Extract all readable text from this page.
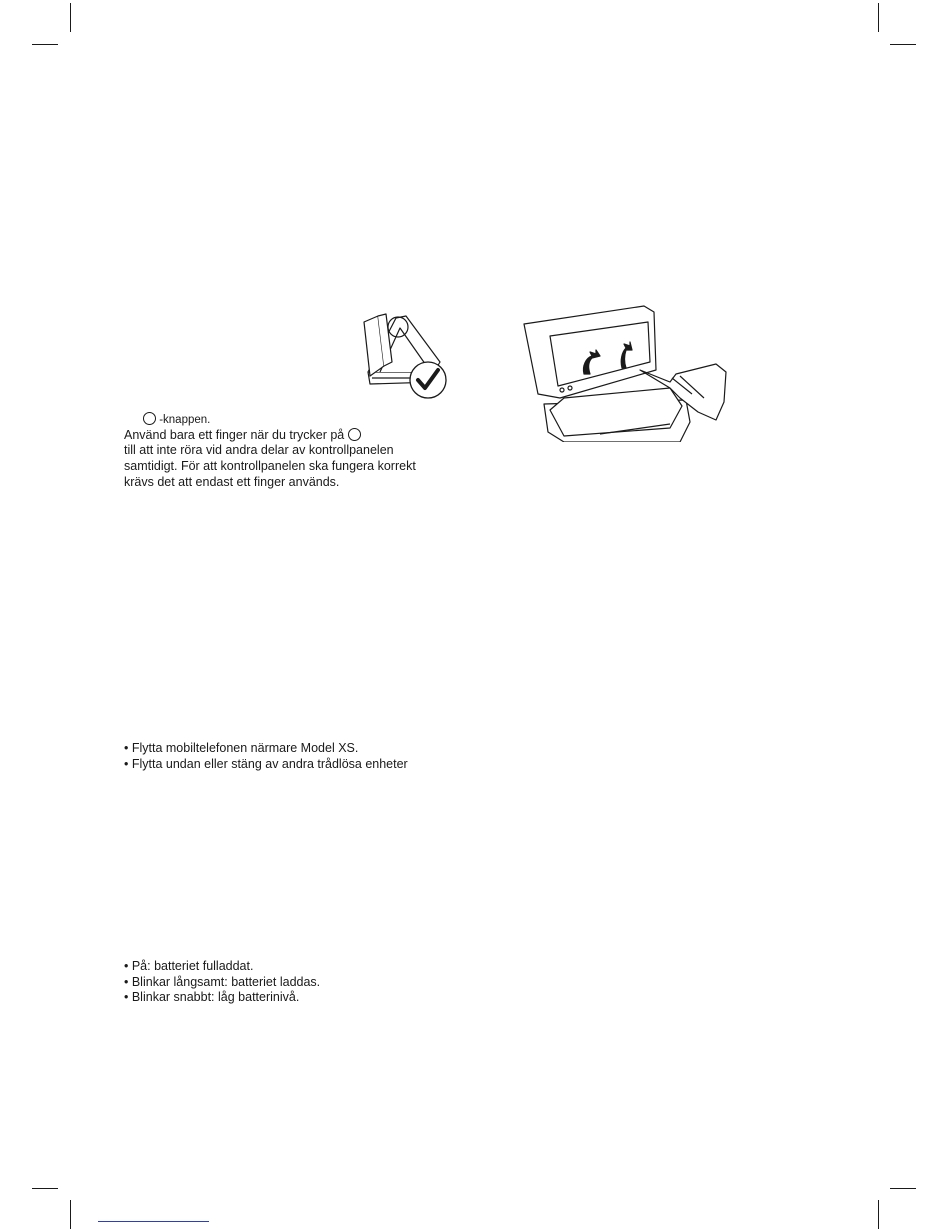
-knappen.
Använd bara ett finger när du trycker på
till att inte röra vid andra delar av kontrollpanelen
samtidigt. För att kontrollpanelen ska fungera korrekt
krävs det att endast ett finger används.
• Flytta mobiltelefonen närmare Model XS.
• Flytta undan eller stäng av andra trådlösa enheter
• På: batteriet fulladdat.
• Blinkar långsamt: batteriet laddas.
• Blinkar snabbt: låg batterinivå.
